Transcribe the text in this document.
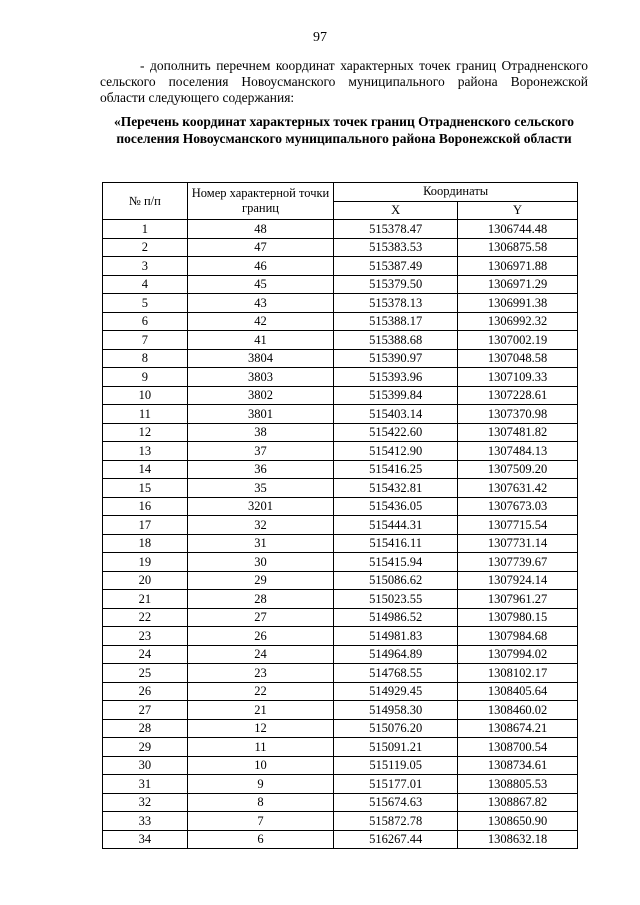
97

- дополнить перечнем координат характерных точек границ Отрадненского сельского поселения Новоусманского муниципального района Воронежской области следующего содержания:

«Перечень координат характерных точек границ Отрадненского сельского поселения Новоусманского муниципального района Воронежской области
№ п/п	Номер характерной точки границ	Координаты	
		X	Y
1	48	515378.47	1306744.48
2	47	515383.53	1306875.58
3	46	515387.49	1306971.88
4	45	515379.50	1306971.29
5	43	515378.13	1306991.38
6	42	515388.17	1306992.32
7	41	515388.68	1307002.19
8	3804	515390.97	1307048.58
9	3803	515393.96	1307109.33
10	3802	515399.84	1307228.61
11	3801	515403.14	1307370.98
12	38	515422.60	1307481.82
13	37	515412.90	1307484.13
14	36	515416.25	1307509.20
15	35	515432.81	1307631.42
16	3201	515436.05	1307673.03
17	32	515444.31	1307715.54
18	31	515416.11	1307731.14
19	30	515415.94	1307739.67
20	29	515086.62	1307924.14
21	28	515023.55	1307961.27
22	27	514986.52	1307980.15
23	26	514981.83	1307984.68
24	24	514964.89	1307994.02
25	23	514768.55	1308102.17
26	22	514929.45	1308405.64
27	21	514958.30	1308460.02
28	12	515076.20	1308674.21
29	11	515091.21	1308700.54
30	10	515119.05	1308734.61
31	9	515177.01	1308805.53
32	8	515674.63	1308867.82
33	7	515872.78	1308650.90
34	6	516267.44	1308632.18
